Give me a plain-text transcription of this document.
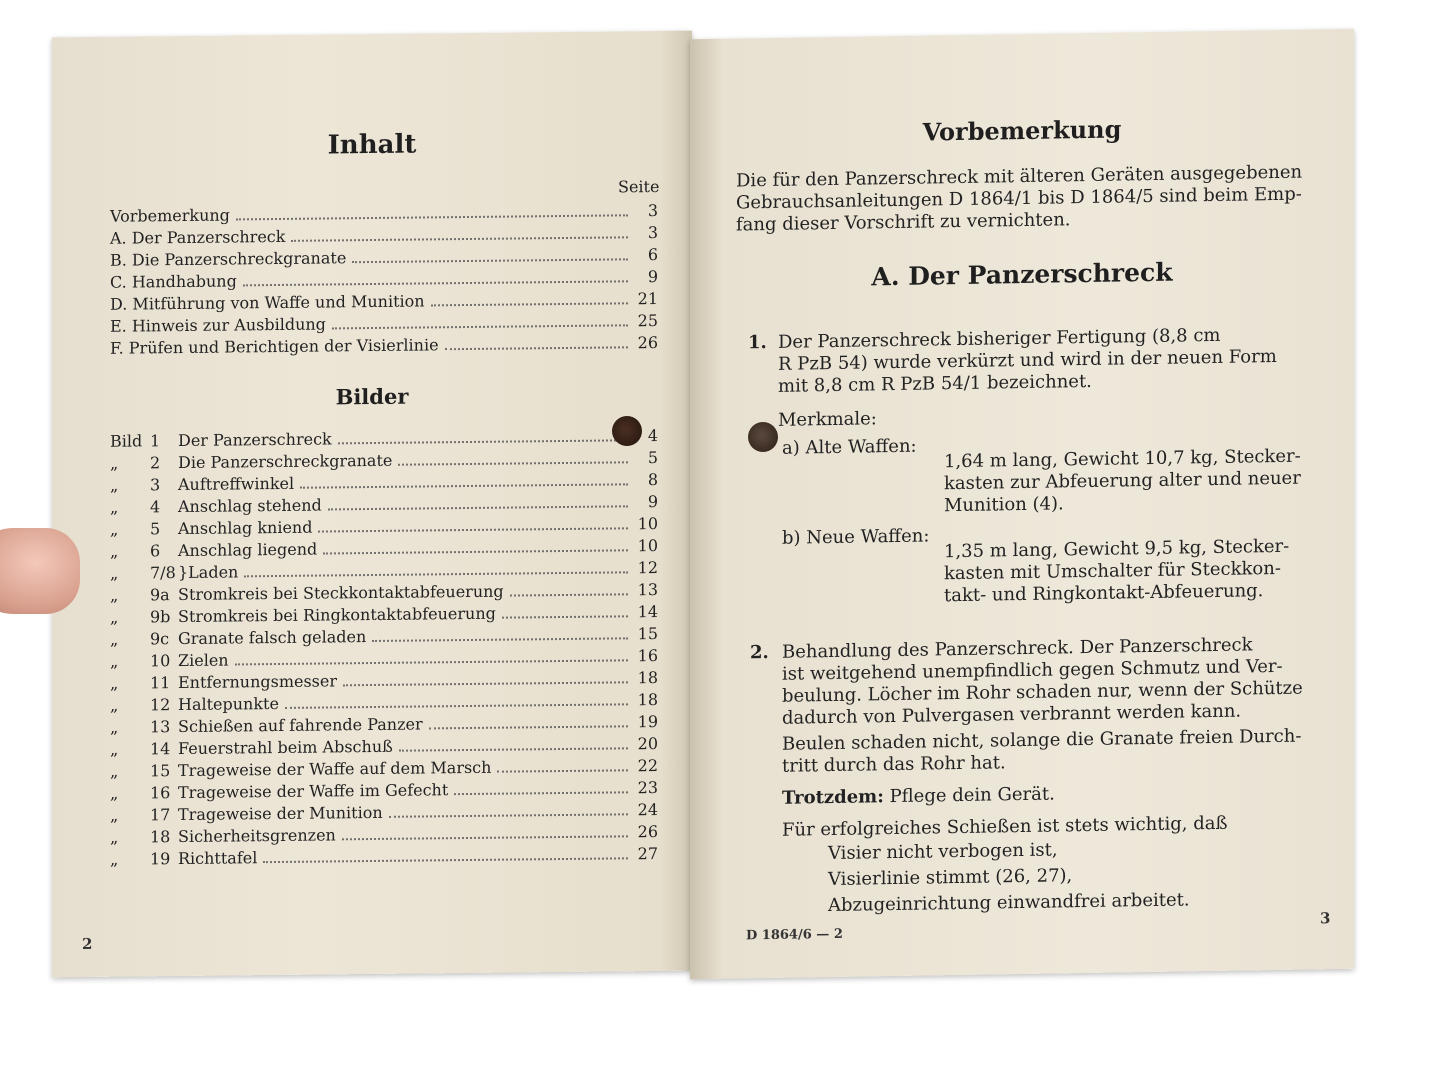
Inhalt
Seite
Vorbemerkung	3
A. Der Panzerschreck	3
B. Die Panzerschreckgranate	6
C. Handhabung	9
D. Mitführung von Waffe und Munition	21
E. Hinweis zur Ausbildung	25
F. Prüfen und Berichtigen der Visierlinie	26
Bilder
Bild 1 Der Panzerschreck	4
„ 2 Die Panzerschreckgranate	5
„ 3 Auftreffwinkel	8
„ 4 Anschlag stehend	9
„ 5 Anschlag kniend	10
„ 6 Anschlag liegend	10
„ 7/8 }Laden	12
„ 9a Stromkreis bei Steckkontaktabfeuerung	13
„ 9b Stromkreis bei Ringkontaktabfeuerung	14
„ 9c Granate falsch geladen	15
„ 10 Zielen	16
„ 11 Entfernungsmesser	18
„ 12 Haltepunkte	18
„ 13 Schießen auf fahrende Panzer	19
„ 14 Feuerstrahl beim Abschuß	20
„ 15 Trageweise der Waffe auf dem Marsch	22
„ 16 Trageweise der Waffe im Gefecht	23
„ 17 Trageweise der Munition	24
„ 18 Sicherheitsgrenzen	26
„ 19 Richttafel	27
2
Vorbemerkung
Die für den Panzerschreck mit älteren Geräten ausgegebenen
Gebrauchsanleitungen D 1864/1 bis D 1864/5 sind beim Emp-
fang dieser Vorschrift zu vernichten.
A. Der Panzerschreck
1. Der Panzerschreck bisheriger Fertigung (8,8 cm
R PzB 54) wurde verkürzt und wird in der neuen Form
mit 8,8 cm R PzB 54/1 bezeichnet.
Merkmale:
a) Alte Waffen: 1,64 m lang, Gewicht 10,7 kg, Stecker-
kasten zur Abfeuerung alter und neuer
Munition (4).
b) Neue Waffen: 1,35 m lang, Gewicht 9,5 kg, Stecker-
kasten mit Umschalter für Steckkon-
takt- und Ringkontakt-Abfeuerung.
2. Behandlung des Panzerschreck. Der Panzerschreck
ist weitgehend unempfindlich gegen Schmutz und Ver-
beulung. Löcher im Rohr schaden nur, wenn der Schütze
dadurch von Pulvergasen verbrannt werden kann.
Beulen schaden nicht, solange die Granate freien Durch-
tritt durch das Rohr hat.
Trotzdem: Pflege dein Gerät.
Für erfolgreiches Schießen ist stets wichtig, daß
Visier nicht verbogen ist,
Visierlinie stimmt (26, 27),
Abzugeinrichtung einwandfrei arbeitet.
D 1864/6 — 2
3
